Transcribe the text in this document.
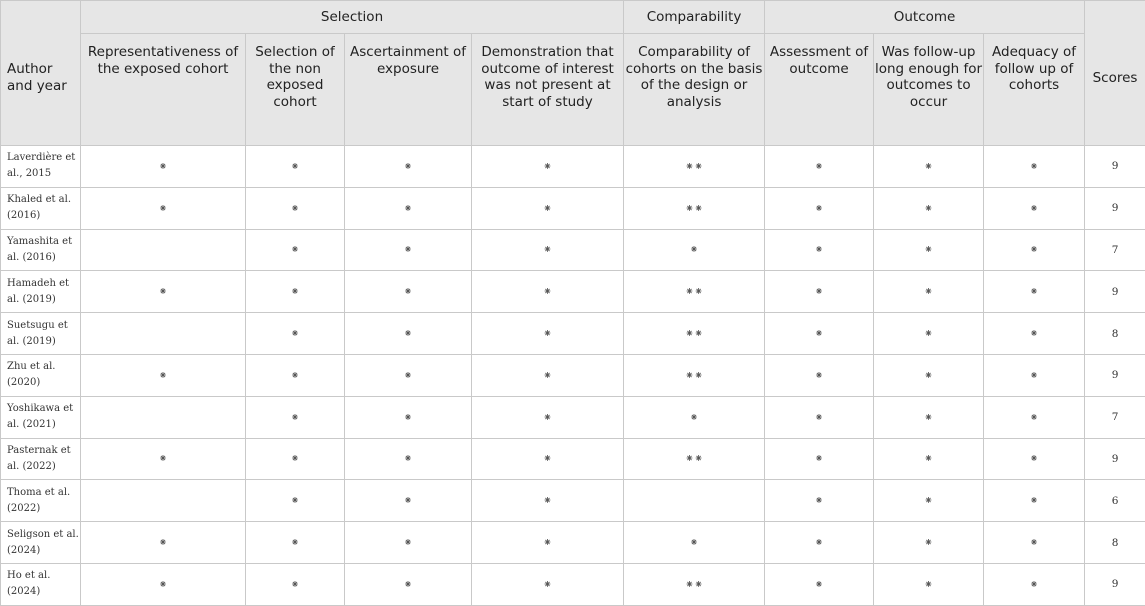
Author and year	Selection				Comparability	Outcome			Scores
	Representativeness of the exposed cohort	Selection of the non exposed cohort	Ascertainment of exposure	Demonstration that outcome of interest was not present at start of study	Comparability of cohorts on the basis of the design or analysis	Assessment of outcome	Was follow-up long enough for outcomes to occur	Adequacy of follow up of cohorts	
Laverdière et al., 2015	⁕	⁕	⁕	⁕	⁕⁕	⁕	⁕	⁕	9
Khaled et al. (2016)	⁕	⁕	⁕	⁕	⁕⁕	⁕	⁕	⁕	9
Yamashita et al. (2016)		⁕	⁕	⁕	⁕	⁕	⁕	⁕	7
Hamadeh et al. (2019)	⁕	⁕	⁕	⁕	⁕⁕	⁕	⁕	⁕	9
Suetsugu et al. (2019)		⁕	⁕	⁕	⁕⁕	⁕	⁕	⁕	8
Zhu et al. (2020)	⁕	⁕	⁕	⁕	⁕⁕	⁕	⁕	⁕	9
Yoshikawa et al. (2021)		⁕	⁕	⁕	⁕	⁕	⁕	⁕	7
Pasternak et al. (2022)	⁕	⁕	⁕	⁕	⁕⁕	⁕	⁕	⁕	9
Thoma et al. (2022)		⁕	⁕	⁕		⁕	⁕	⁕	6
Seligson et al. (2024)	⁕	⁕	⁕	⁕	⁕	⁕	⁕	⁕	8
Ho et al. (2024)	⁕	⁕	⁕	⁕	⁕⁕	⁕	⁕	⁕	9
